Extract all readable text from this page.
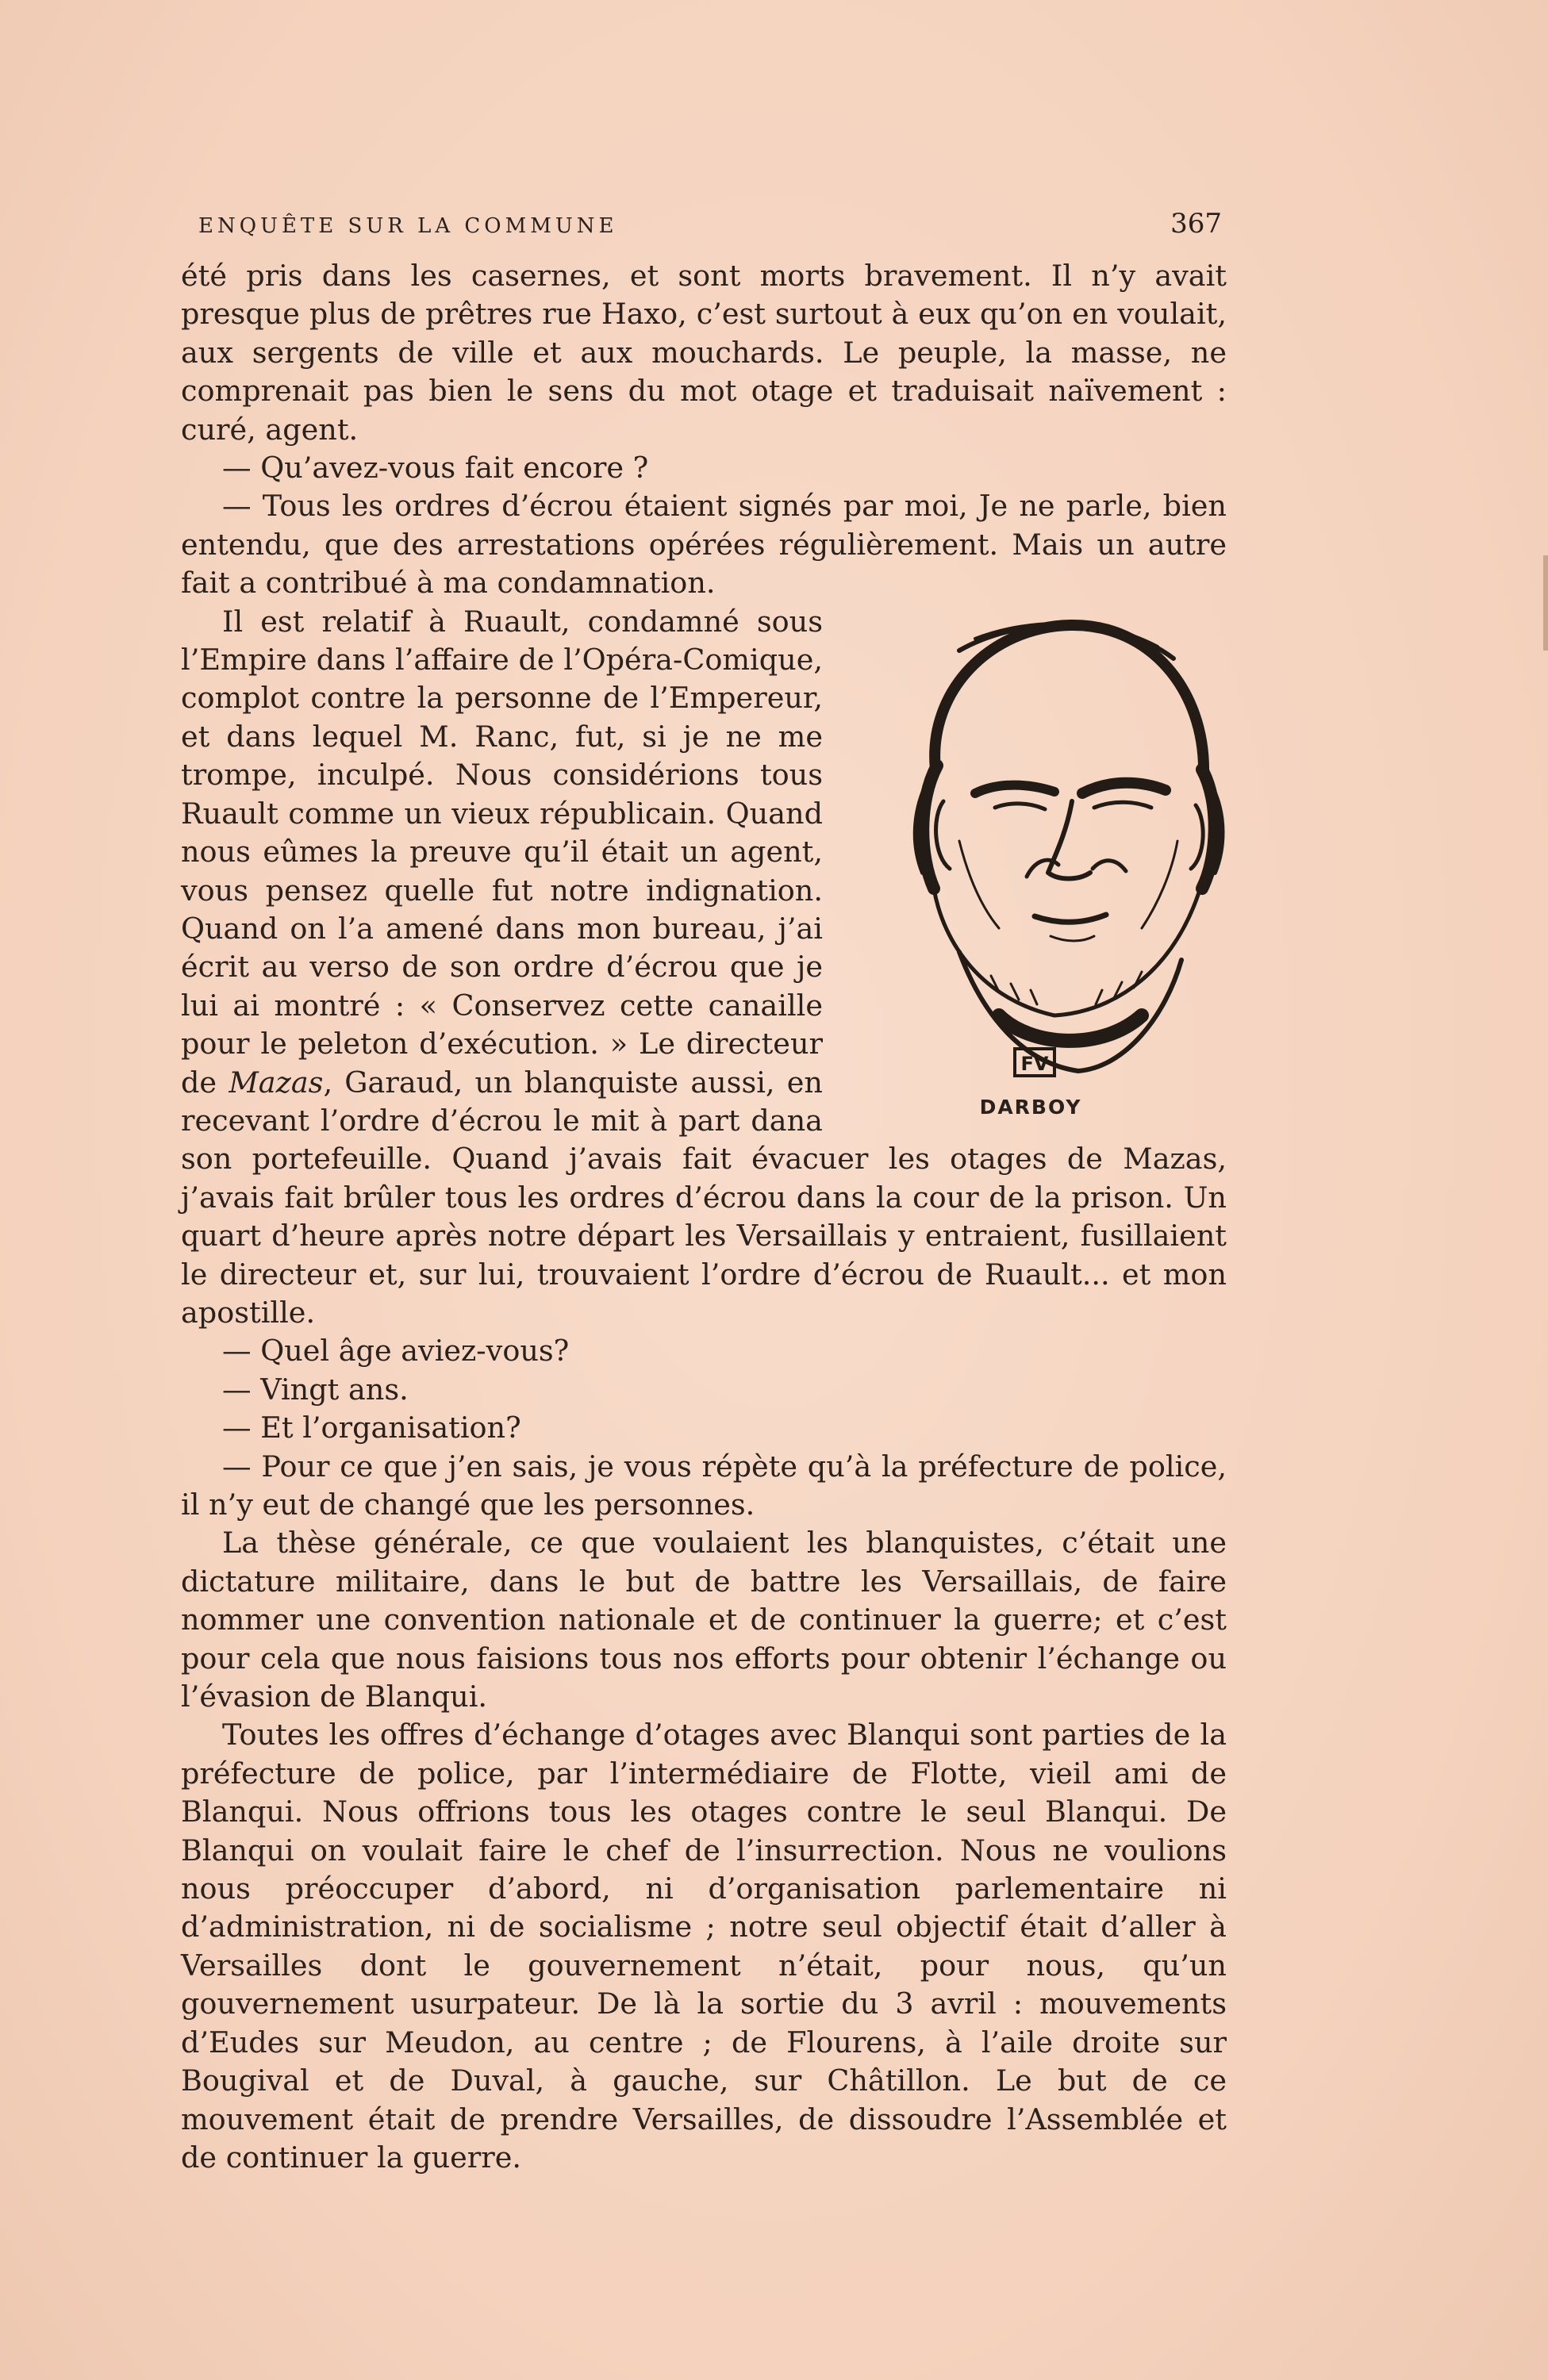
ENQUÊTE SUR LA COMMUNE	367

été pris dans les casernes, et sont morts bravement. Il n’y avait presque plus de prêtres rue Haxo, c’est surtout à eux qu’on en voulait, aux sergents de ville et aux mouchards. Le peuple, la masse, ne comprenait pas bien le sens du mot otage et traduisait naïvement : curé, agent.

— Qu’avez-vous fait encore ?

— Tous les ordres d’écrou étaient signés par moi, Je ne parle, bien entendu, que des arrestations opérées régulièrement. Mais un autre fait a contribué à ma condamnation.

FV
DARBOY

Il est relatif à Ruault, condamné sous l’Empire dans l’affaire de l’Opéra-Comique, complot contre la personne de l’Empereur, et dans lequel M. Ranc, fut, si je ne me trompe, inculpé. Nous considérions tous Ruault comme un vieux républicain. Quand nous eûmes la preuve qu’il était un agent, vous pensez quelle fut notre indignation. Quand on l’a amené dans mon bureau, j’ai écrit au verso de son ordre d’écrou que je lui ai montré : « Conservez cette canaille pour le peleton d’exécution. » Le directeur de Mazas, Garaud, un blanquiste aussi, en recevant l’ordre d’écrou le mit à part dana son portefeuille. Quand j’avais fait évacuer les otages de Mazas, j’avais fait brûler tous les ordres d’écrou dans la cour de la prison. Un quart d’heure après notre départ les Versaillais y entraient, fusillaient le directeur et, sur lui, trouvaient l’ordre d’écrou de Ruault... et mon apostille.

— Quel âge aviez-vous?

— Vingt ans.

— Et l’organisation?

— Pour ce que j’en sais, je vous répète qu’à la préfecture de police, il n’y eut de changé que les personnes.

La thèse générale, ce que voulaient les blanquistes, c’était une dictature militaire, dans le but de battre les Versaillais, de faire nommer une convention nationale et de continuer la guerre; et c’est pour cela que nous faisions tous nos efforts pour obtenir l’échange ou l’évasion de Blanqui.

Toutes les offres d’échange d’otages avec Blanqui sont parties de la préfecture de police, par l’intermédiaire de Flotte, vieil ami de Blanqui. Nous offrions tous les otages contre le seul Blanqui. De Blanqui on voulait faire le chef de l’insurrection. Nous ne voulions nous préoccuper d’abord, ni d’organisation parlementaire ni d’administration, ni de socialisme ; notre seul objectif était d’aller à Versailles dont le gouvernement n’était, pour nous, qu’un gouvernement usurpateur. De là la sortie du 3 avril : mouvements d’Eudes sur Meudon, au centre ; de Flourens, à l’aile droite sur Bougival et de Duval, à gauche, sur Châtillon. Le but de ce mouvement était de prendre Versailles, de dissoudre l’Assemblée et de continuer la guerre.
